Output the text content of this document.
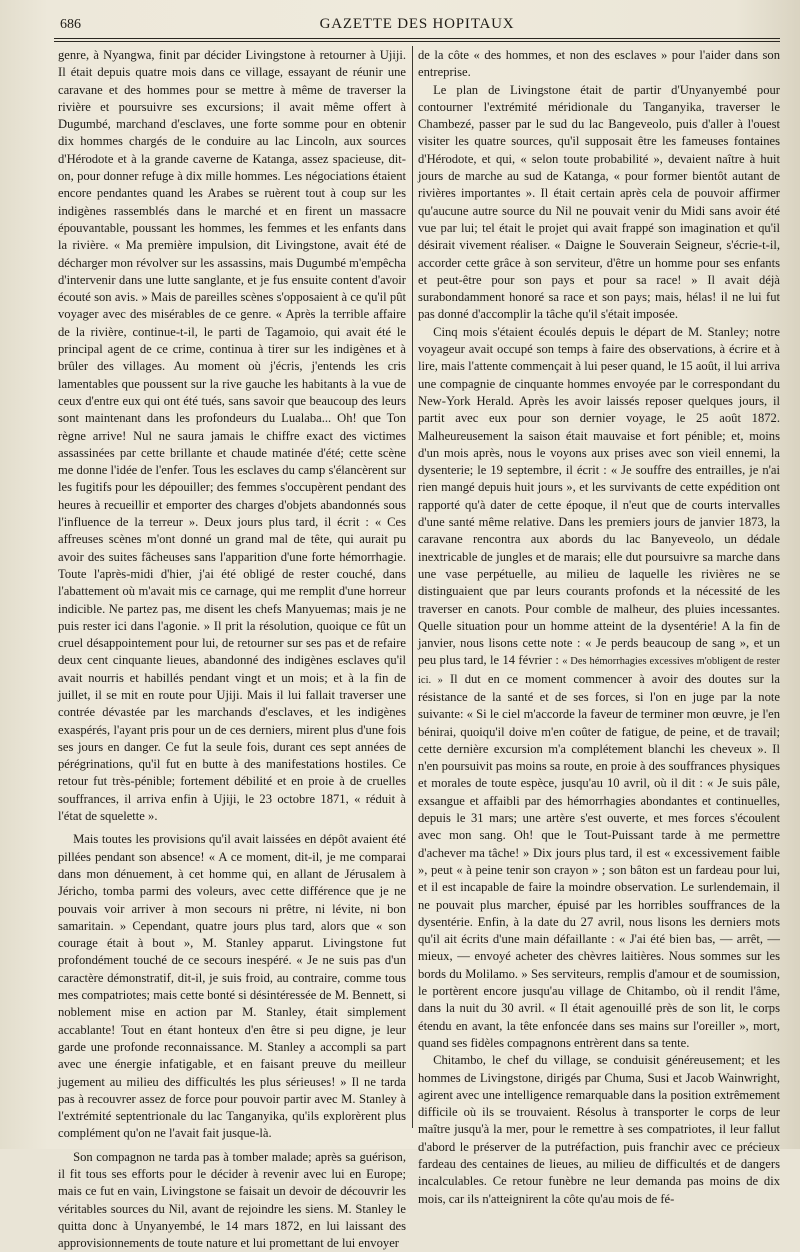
686	GAZETTE DES HOPITAUX

genre, à Nyangwa, finit par décider Livingstone à retourner à Ujiji. Il était depuis quatre mois dans ce village, essayant de réunir une caravane et des hommes pour se mettre à même de traverser la rivière et poursuivre ses excursions; il avait même offert à Dugumbé, marchand d'esclaves, une forte somme pour en obtenir dix hommes chargés de le conduire au lac Lincoln, aux sources d'Hérodote et à la grande caverne de Katanga, assez spacieuse, dit-on, pour donner refuge à dix mille hommes. Les négociations étaient encore pendantes quand les Arabes se ruèrent tout à coup sur les indigènes rassemblés dans le marché et en firent un massacre épouvantable, poussant les hommes, les femmes et les enfants dans la rivière. « Ma première impulsion, dit Livingstone, avait été de décharger mon révolver sur les assassins, mais Dugumbé m'empêcha d'intervenir dans une lutte sanglante, et je fus ensuite content d'avoir écouté son avis. » Mais de pareilles scènes s'opposaient à ce qu'il pût voyager avec des misérables de ce genre. « Après la terrible affaire de la rivière, continue-t-il, le parti de Tagamoio, qui avait été le principal agent de ce crime, continua à tirer sur les indigènes et à brûler des villages. Au moment où j'écris, j'entends les cris lamentables que poussent sur la rive gauche les habitants à la vue de ceux d'entre eux qui ont été tués, sans savoir que beaucoup des leurs sont maintenant dans les profondeurs du Lualaba... Oh! que Ton règne arrive! Nul ne saura jamais le chiffre exact des victimes assassinées par cette brillante et chaude matinée d'été; cette scène me donne l'idée de l'enfer. Tous les esclaves du camp s'élancèrent sur les fugitifs pour les dépouiller; des femmes s'occupèrent pendant des heures à recueillir et emporter des charges d'objets abandonnés sous l'influence de la terreur ». Deux jours plus tard, il écrit : « Ces affreuses scènes m'ont donné un grand mal de tête, qui aurait pu avoir des suites fâcheuses sans l'apparition d'une forte hémorrhagie. Toute l'après-midi d'hier, j'ai été obligé de rester couché, dans l'abattement où m'avait mis ce carnage, qui me remplit d'une horreur indicible. Ne partez pas, me disent les chefs Manyuemas; mais je ne puis rester ici dans l'agonie. » Il prit la résolution, quoique ce fût un cruel désappointement pour lui, de retourner sur ses pas et de refaire deux cent cinquante lieues, abandonné des indigènes esclaves qu'il avait nourris et habillés pendant vingt et un mois; et à la fin de juillet, il se mit en route pour Ujiji. Mais il lui fallait traverser une contrée dévastée par les marchands d'esclaves, et les indigènes exaspérés, l'ayant pris pour un de ces derniers, mirent plus d'une fois ses jours en danger. Ce fut la seule fois, durant ces sept années de pérégrinations, qu'il fut en butte à des manifestations hostiles. Ce retour fut très-pénible; fortement débilité et en proie à de cruelles souffrances, il arriva enfin à Ujiji, le 23 octobre 1871, « réduit à l'état de squelette ».

Mais toutes les provisions qu'il avait laissées en dépôt avaient été pillées pendant son absence! « A ce moment, dit-il, je me comparai dans mon dénuement, à cet homme qui, en allant de Jérusalem à Jéricho, tomba parmi des voleurs, avec cette différence que je ne pouvais voir arriver à mon secours ni prêtre, ni lévite, ni bon samaritain. » Cependant, quatre jours plus tard, alors que « son courage était à bout », M. Stanley apparut. Livingstone fut profondément touché de ce secours inespéré. « Je ne suis pas d'un caractère démonstratif, dit-il, je suis froid, au contraire, comme tous mes compatriotes; mais cette bonté si désintéressée de M. Bennett, si noblement mise en action par M. Stanley, était simplement accablante! Tout en étant honteux d'en être si peu digne, je leur garde une profonde reconnaissance. M. Stanley a accompli sa part avec une énergie infatigable, et en faisant preuve du meilleur jugement au milieu des difficultés les plus sérieuses! » Il ne tarda pas à recouvrer assez de force pour pouvoir partir avec M. Stanley à l'extrémité septentrionale du lac Tanganyika, qu'ils explorèrent plus complément qu'on ne l'avait fait jusque-là.

Son compagnon ne tarda pas à tomber malade; après sa guérison, il fit tous ses efforts pour le décider à revenir avec lui en Europe; mais ce fut en vain, Livingstone se faisait un devoir de découvrir les véritables sources du Nil, avant de rejoindre les siens. M. Stanley le quitta donc à Unyanyembé, le 14 mars 1872, en lui laissant des approvisionnements de toute nature et lui promettant de lui envoyer

de la côte « des hommes, et non des esclaves » pour l'aider dans son entreprise.

Le plan de Livingstone était de partir d'Unyanyembé pour contourner l'extrémité méridionale du Tanganyika, traverser le Chambezé, passer par le sud du lac Bangeveolo, puis d'aller à l'ouest visiter les quatre sources, qu'il supposait être les fameuses fontaines d'Hérodote, et qui, « selon toute probabilité », devaient naître à huit jours de marche au sud de Katanga, « pour former bientôt autant de rivières importantes ». Il était certain après cela de pouvoir affirmer qu'aucune autre source du Nil ne pouvait venir du Midi sans avoir été vue par lui; tel était le projet qui avait frappé son imagination et qu'il désirait vivement réaliser. « Daigne le Souverain Seigneur, s'écrie-t-il, accorder cette grâce à son serviteur, d'être un homme pour ses enfants et peut-être pour son pays et pour sa race! » Il avait déjà surabondamment honoré sa race et son pays; mais, hélas! il ne lui fut pas donné d'accomplir la tâche qu'il s'était imposée.

Cinq mois s'étaient écoulés depuis le départ de M. Stanley; notre voyageur avait occupé son temps à faire des observations, à écrire et à lire, mais l'attente commençait à lui peser quand, le 15 août, il lui arriva une compagnie de cinquante hommes envoyée par le correspondant du New-York Herald. Après les avoir laissés reposer quelques jours, il partit avec eux pour son dernier voyage, le 25 août 1872. Malheureusement la saison était mauvaise et fort pénible; et, moins d'un mois après, nous le voyons aux prises avec son vieil ennemi, la dysenterie; le 19 septembre, il écrit : « Je souffre des entrailles, je n'ai rien mangé depuis huit jours », et les survivants de cette expédition ont rapporté qu'à dater de cette époque, il n'eut que de courts intervalles d'une santé même relative. Dans les premiers jours de janvier 1873, la caravane rencontra aux abords du lac Banyeveolo, un dédale inextricable de jungles et de marais; elle dut poursuivre sa marche dans une vase perpétuelle, au milieu de laquelle les rivières ne se distinguaient que par leurs courants profonds et la nécessité de les traverser en canots. Pour comble de malheur, des pluies incessantes. Quelle situation pour un homme atteint de la dysentérie! A la fin de janvier, nous lisons cette note : « Je perds beaucoup de sang », et un peu plus tard, le 14 février : « Des hémorrhagies excessives m'obligent de rester ici. » Il dut en ce moment commencer à avoir des doutes sur la résistance de la santé et de ses forces, si l'on en juge par la note suivante: « Si le ciel m'accorde la faveur de terminer mon œuvre, je l'en bénirai, quoiqu'il doive m'en coûter de fatigue, de peine, et de travail; cette dernière excursion m'a complétement blanchi les cheveux ». Il n'en poursuivit pas moins sa route, en proie à des souffrances physiques et morales de toute espèce, jusqu'au 10 avril, où il dit : « Je suis pâle, exsangue et affaibli par des hémorrhagies abondantes et continuelles, depuis le 31 mars; une artère s'est ouverte, et mes forces s'écoulent avec mon sang. Oh! que le Tout-Puissant tarde à me permettre d'achever ma tâche! » Dix jours plus tard, il est « excessivement faible », peut « à peine tenir son crayon » ; son bâton est un fardeau pour lui, et il est incapable de faire la moindre observation. Le surlendemain, il ne pouvait plus marcher, épuisé par les horribles souffrances de la dysentérie. Enfin, à la date du 27 avril, nous lisons les derniers mots qu'il ait écrits d'une main défaillante : « J'ai été bien bas, — arrêt, — mieux, — envoyé acheter des chèvres laitières. Nous sommes sur les bords du Molilamo. » Ses serviteurs, remplis d'amour et de soumission, le portèrent encore jusqu'au village de Chitambo, où il rendit l'âme, dans la nuit du 30 avril. « Il était agenouillé près de son lit, le corps étendu en avant, la tête enfoncée dans ses mains sur l'oreiller », mort, quand ses fidèles compagnons entrèrent dans sa tente.

Chitambo, le chef du village, se conduisit généreusement; et les hommes de Livingstone, dirigés par Chuma, Susi et Jacob Wainwright, agirent avec une intelligence remarquable dans la position extrêmement difficile où ils se trouvaient. Résolus à transporter le corps de leur maître jusqu'à la mer, pour le remettre à ses compatriotes, il leur fallut d'abord le préserver de la putréfaction, puis franchir avec ce précieux fardeau des centaines de lieues, au milieu de difficultés et de dangers incalculables. Ce retour funèbre ne leur demanda pas moins de dix mois, car ils n'atteignirent la côte qu'au mois de fé-
